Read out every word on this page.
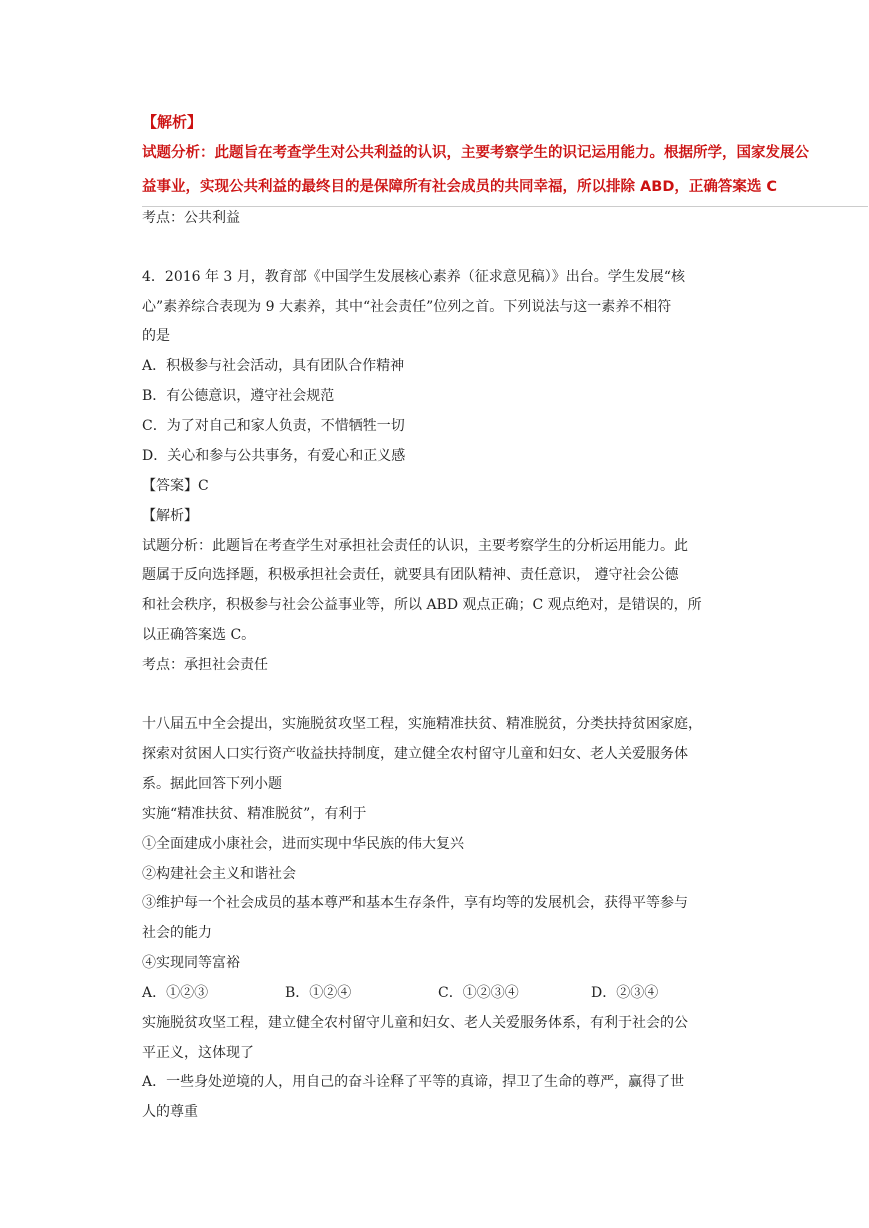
【解析】
试题分析：此题旨在考查学生对公共利益的认识，主要考察学生的识记运用能力。根据所学，国家发展公
益事业，实现公共利益的最终目的是保障所有社会成员的共同幸福，所以排除 ABD，正确答案选 C
考点：公共利益
4．2016 年 3 月，教育部《中国学生发展核心素养（征求意见稿）》出台。学生发展“核
心”素养综合表现为 9 大素养，其中“社会责任”位列之首。下列说法与这一素养不相符
的是
A．积极参与社会活动，具有团队合作精神
B．有公德意识，遵守社会规范
C．为了对自己和家人负责，不惜牺牲一切
D．关心和参与公共事务，有爱心和正义感
【答案】C
【解析】
试题分析：此题旨在考查学生对承担社会责任的认识，主要考察学生的分析运用能力。此
题属于反向选择题，积极承担社会责任，就要具有团队精神、责任意识， 遵守社会公德
和社会秩序，积极参与社会公益事业等，所以 ABD 观点正确；C 观点绝对，是错误的，所
以正确答案选 C。
考点：承担社会责任
十八届五中全会提出，实施脱贫攻坚工程，实施精准扶贫、精准脱贫，分类扶持贫困家庭，
探索对贫困人口实行资产收益扶持制度，建立健全农村留守儿童和妇女、老人关爱服务体
系。据此回答下列小题
实施“精准扶贫、精准脱贫”，有利于
①全面建成小康社会，进而实现中华民族的伟大复兴
②构建社会主义和谐社会
③维护每一个社会成员的基本尊严和基本生存条件，享有均等的发展机会，获得平等参与
社会的能力
④实现同等富裕
A．①②③	B．①②④	C．①②③④	D．②③④
实施脱贫攻坚工程，建立健全农村留守儿童和妇女、老人关爱服务体系，有利于社会的公
平正义，这体现了
A．一些身处逆境的人，用自己的奋斗诠释了平等的真谛，捍卫了生命的尊严，赢得了世
人的尊重
